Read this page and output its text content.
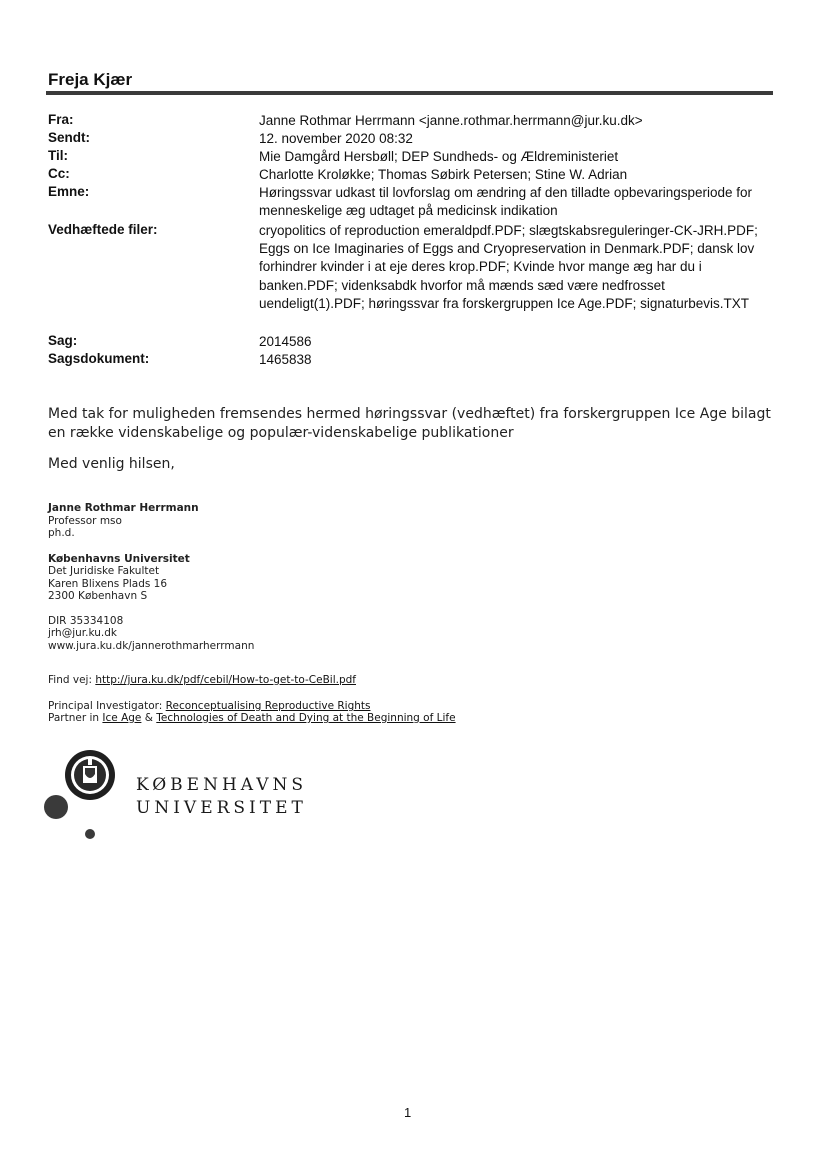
Freja Kjær
Fra:	Janne Rothmar Herrmann <janne.rothmar.herrmann@jur.ku.dk>
Sendt:	12. november 2020 08:32
Til:	Mie Damgård Hersbøll; DEP Sundheds- og Ældreministeriet
Cc:	Charlotte Kroløkke; Thomas Søbirk Petersen; Stine W. Adrian
Emne:	Høringssvar udkast til lovforslag om ændring af den tilladte opbevaringsperiode for menneskelige æg udtaget på medicinsk indikation
Vedhæftede filer:	cryopolitics of reproduction emeraldpdf.PDF; slægtskabsreguleringer-CK-JRH.PDF; Eggs on Ice Imaginaries of Eggs and Cryopreservation in Denmark.PDF; dansk lov forhindrer kvinder i at eje deres krop.PDF; Kvinde hvor mange æg har du i banken.PDF; videnksabdk hvorfor må mænds sæd være nedfrosset uendeligt(1).PDF; høringssvar fra forskergruppen Ice Age.PDF; signaturbevis.TXT
Sag:	2014586
Sagsdokument:	1465838
Med tak for muligheden fremsendes hermed høringssvar (vedhæftet) fra forskergruppen Ice Age bilagt en række videnskabelige og populær-videnskabelige publikationer
Med venlig hilsen,
Janne Rothmar Herrmann
Professor mso
ph.d.
Københavns Universitet
Det Juridiske Fakultet
Karen Blixens Plads 16
2300 København S
DIR 35334108
jrh@jur.ku.dk
www.jura.ku.dk/jannerothmarherrmann
Find vej: http://jura.ku.dk/pdf/cebil/How-to-get-to-CeBil.pdf
Principal Investigator: Reconceptualising Reproductive Rights
Partner in Ice Age & Technologies of Death and Dying at the Beginning of Life
KØBENHAVNS
UNIVERSITET
1
